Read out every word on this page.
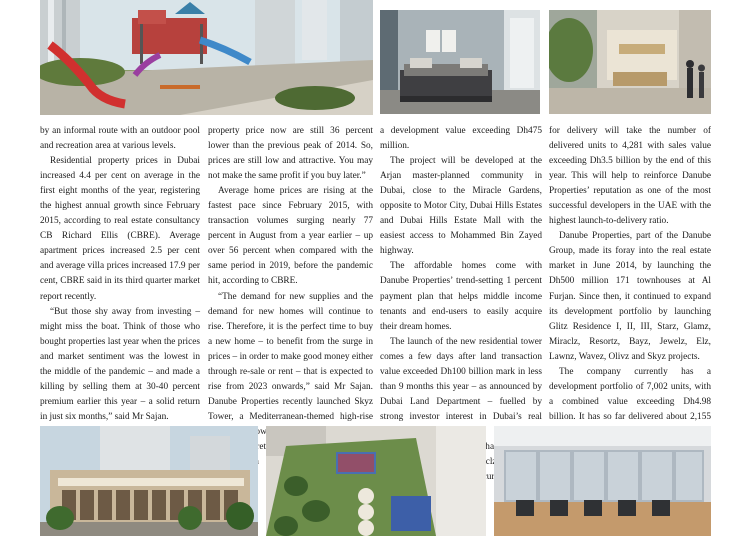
by an informal route with an outdoor pool and recreation area at various levels.

Residential property prices in Dubai increased 4.4 per cent on average in the first eight months of the year, registering the highest annual growth since February 2015, according to real estate consultancy CB Richard Ellis (CBRE). Average apartment prices increased 2.5 per cent and average villa prices increased 17.9 per cent, CBRE said in its third quarter market report recently.

“But those shy away from investing – might miss the boat. Think of those who bought properties last year when the prices and market sentiment was the lowest in the middle of the pandemic – and made a killing by selling them at 30-40 percent premium earlier this year – a solid return in just six months,” said Mr Sajan.

property price now are still 36 percent lower than the previous peak of 2014. So, prices are still low and attractive. You may not make the same profit if you buy later.”

Average home prices are rising at the fastest pace since February 2015, with transaction volumes surging nearly 77 percent in August from a year earlier – up over 56 percent when compared with the same period in 2019, before the pandemic hit, according to CBRE.

“The demand for new supplies and the demand for new homes will continue to rise. Therefore, it is the perfect time to buy a new home – to benefit from the surge in prices – in order to make good money either through re-sale or rent – that is expected to rise from 2023 onwards,” said Mr Sajan. Danube Properties recently launched Skyz Tower, a Mediterranean-themed high-rise tower retail

a development value exceeding Dh475 million.

The project will be developed at the Arjan master-planned community in Dubai, close to the Miracle Gardens, opposite to Motor City, Dubai Hills Estates and Dubai Hills Estate Mall with the easiest access to Mohammed Bin Zayed highway.

The affordable homes come with Danube Properties’ trend-setting 1 percent payment plan that helps middle income tenants and end-users to easily acquire their dream homes.

The launch of the new residential tower comes a few days after land transaction value exceeded Dh100 billion mark in less than 9 months this year – as announced by Dubai Land Department – fuelled by strong investor interest in Dubai’s real

has

for delivery will take the number of delivered units to 4,281 with sales value exceeding Dh3.5 billion by the end of this year. This will help to reinforce Danube Properties’ reputation as one of the most successful developers in the UAE with the highest launch-to-delivery ratio.

Danube Properties, part of the Danube Group, made its foray into the real estate market in June 2014, by launching the Dh500 million 171 townhouses at Al Furjan. Since then, it continued to expand its development portfolio by launching Glitz Residence I, II, III, Starz, Glamz, Miraclz, Resortz, Bayz, Jewelz, Elz, Lawnz, Wavez, Olivz and Skyz projects.

The company currently has a development portfolio of 7,002 units, with a combined value exceeding Dh4.98 billion. It has so far delivered about 2,155
